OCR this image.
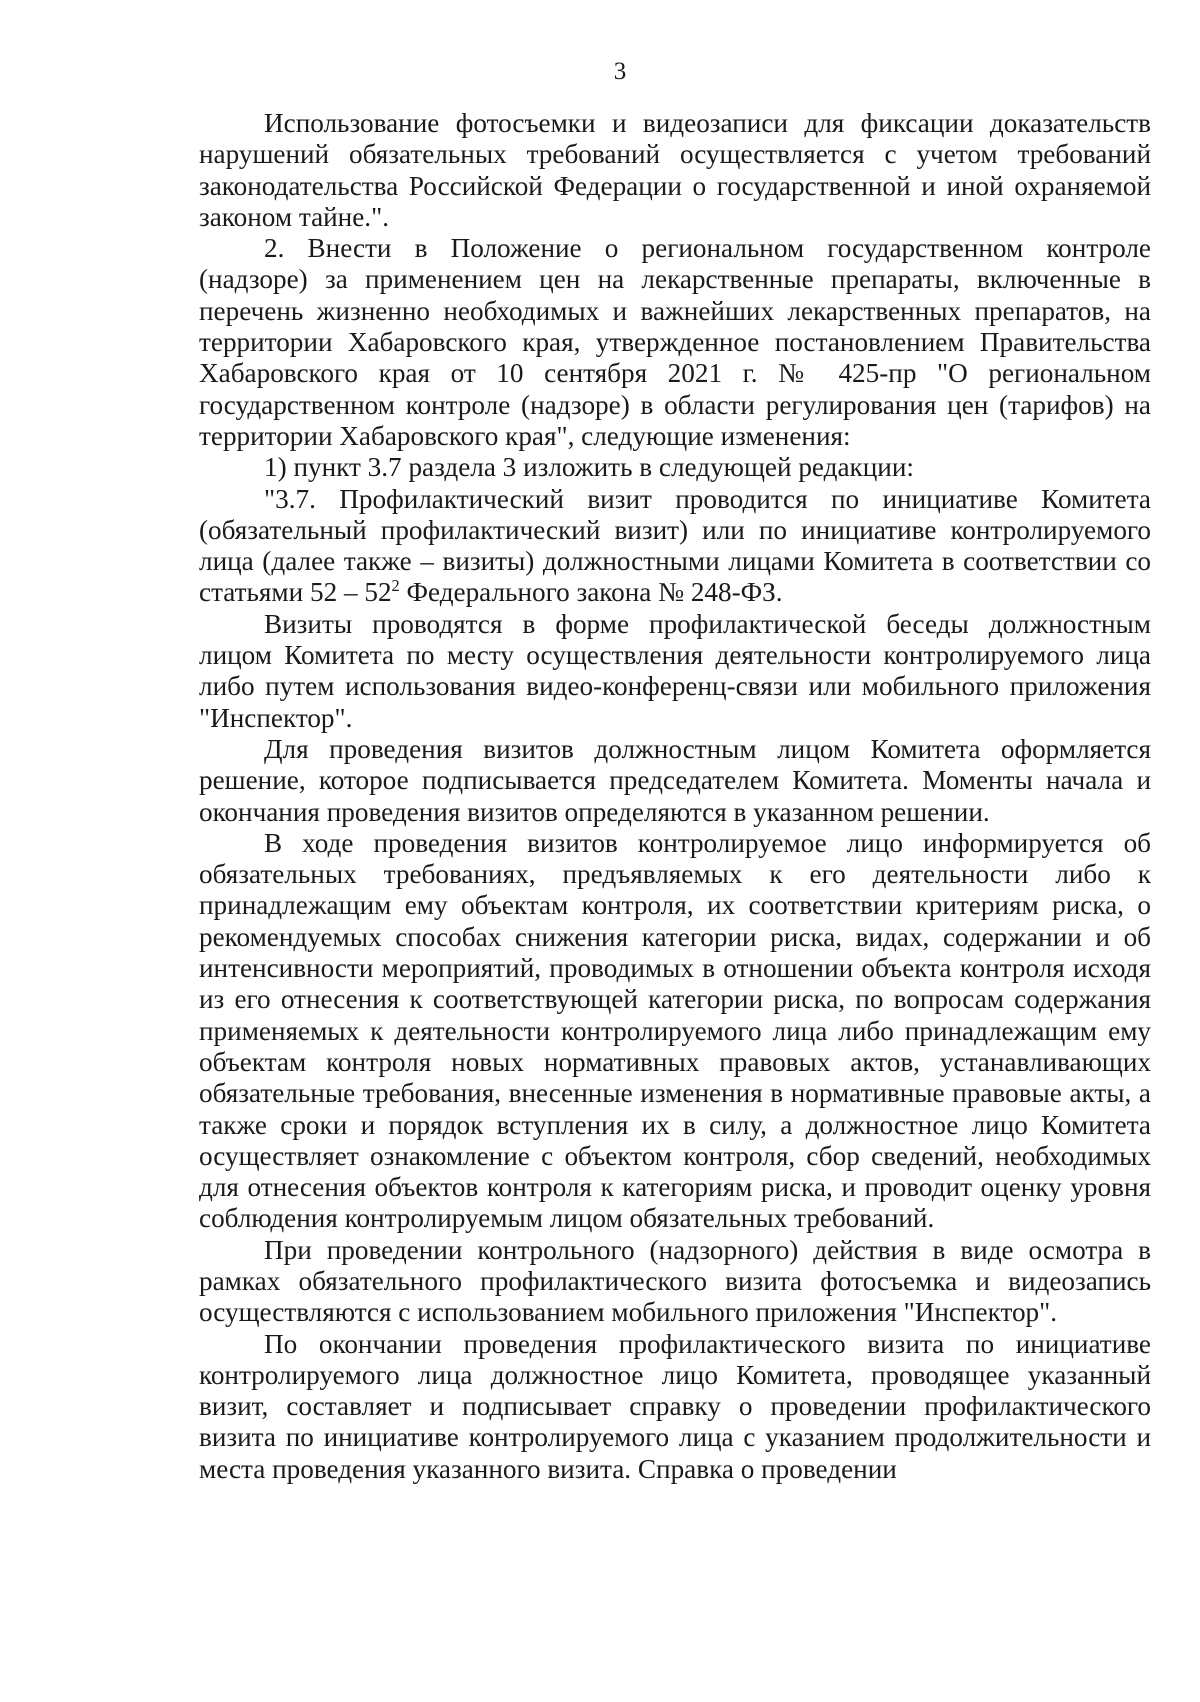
3

Использование фотосъемки и видеозаписи для фиксации доказательств нарушений обязательных требований осуществляется с учетом требований законодательства Российской Федерации о государственной и иной охраняемой законом тайне.".

2. Внести в Положение о региональном государственном контроле (надзоре) за применением цен на лекарственные препараты, включенные в перечень жизненно необходимых и важнейших лекарственных препаратов, на территории Хабаровского края, утвержденное постановлением Правительства Хабаровского края от 10 сентября 2021 г. № 425-пр "О региональном государственном контроле (надзоре) в области регулирования цен (тарифов) на территории Хабаровского края", следующие изменения:

1) пункт 3.7 раздела 3 изложить в следующей редакции:

"3.7. Профилактический визит проводится по инициативе Комитета (обязательный профилактический визит) или по инициативе контролируемого лица (далее также – визиты) должностными лицами Комитета в соответствии со статьями $52 - 52^2$ Федерального закона № 248-ФЗ.

Визиты проводятся в форме профилактической беседы должностным лицом Комитета по месту осуществления деятельности контролируемого лица либо путем использования видео-конференц-связи или мобильного приложения "Инспектор".

Для проведения визитов должностным лицом Комитета оформляется решение, которое подписывается председателем Комитета. Моменты начала и окончания проведения визитов определяются в указанном решении.

В ходе проведения визитов контролируемое лицо информируется об обязательных требованиях, предъявляемых к его деятельности либо к принадлежащим ему объектам контроля, их соответствии критериям риска, о рекомендуемых способах снижения категории риска, видах, содержании и об интенсивности мероприятий, проводимых в отношении объекта контроля исходя из его отнесения к соответствующей категории риска, по вопросам содержания применяемых к деятельности контролируемого лица либо принадлежащим ему объектам контроля новых нормативных правовых актов, устанавливающих обязательные требования, внесенные изменения в нормативные правовые акты, а также сроки и порядок вступления их в силу, а должностное лицо Комитета осуществляет ознакомление с объектом контроля, сбор сведений, необходимых для отнесения объектов контроля к категориям риска, и проводит оценку уровня соблюдения контролируемым лицом обязательных требований.

При проведении контрольного (надзорного) действия в виде осмотра в рамках обязательного профилактического визита фотосъемка и видеозапись осуществляются с использованием мобильного приложения "Инспектор".

По окончании проведения профилактического визита по инициативе контролируемого лица должностное лицо Комитета, проводящее указанный визит, составляет и подписывает справку о проведении профилактического визита по инициативе контролируемого лица с указанием продолжительности и места проведения указанного визита. Справка о проведении
